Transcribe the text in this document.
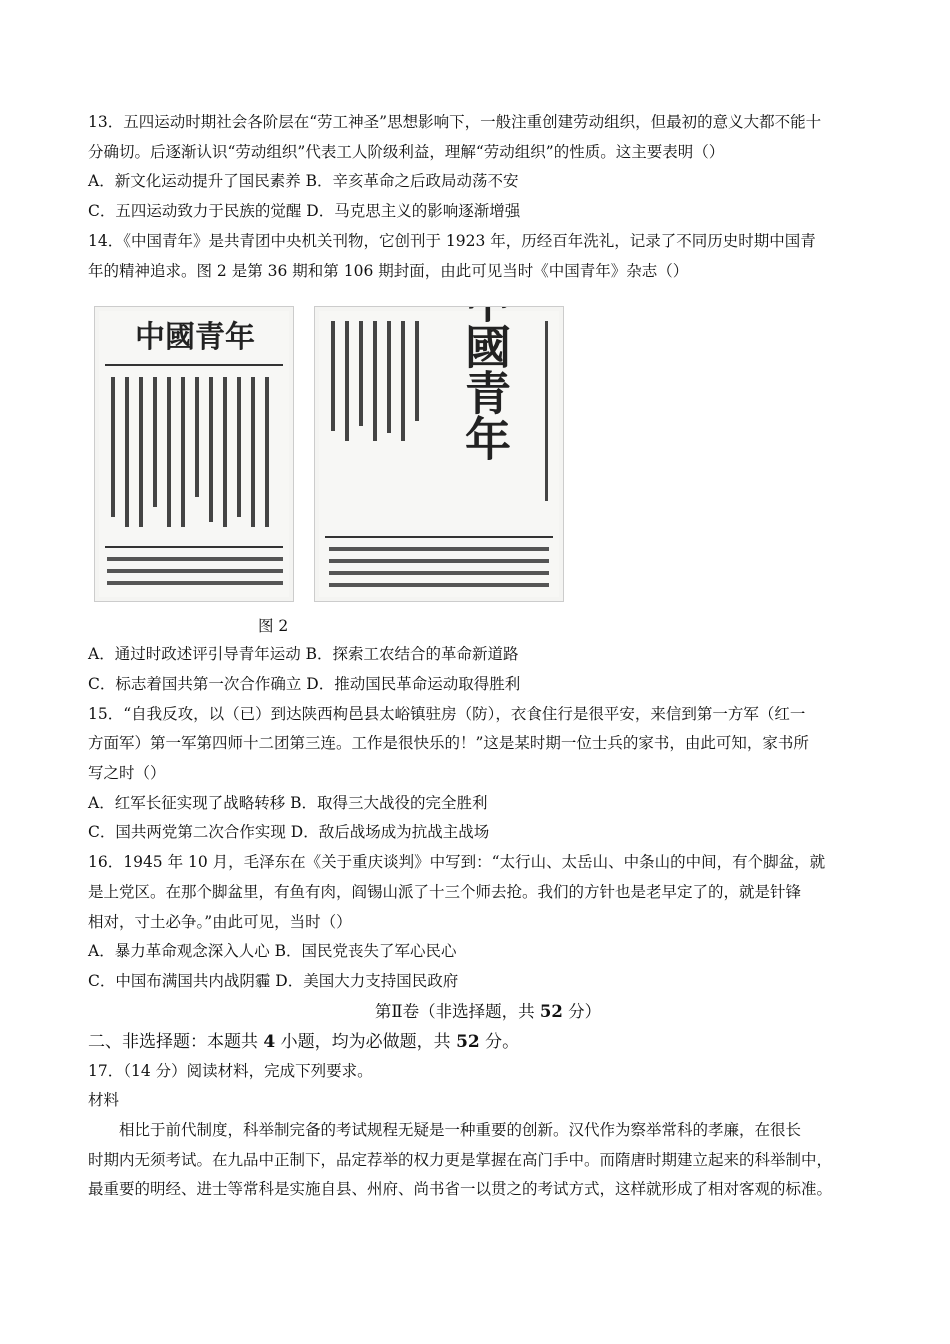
13．五四运动时期社会各阶层在“劳工神圣”思想影响下，一般注重创建劳动组织，但最初的意义大都不能十
分确切。后逐渐认识“劳动组织”代表工人阶级利益，理解“劳动组织”的性质。这主要表明（）
A．新文化运动提升了国民素养 B．辛亥革命之后政局动荡不安
C．五四运动致力于民族的觉醒 D．马克思主义的影响逐渐增强
14．《中国青年》是共青团中央机关刊物，它创刊于 1923 年，历经百年洗礼，记录了不同历史时期中国青
年的精神追求。图 2 是第 36 期和第 106 期封面，由此可见当时《中国青年》杂志（）
中國青年	中國青年
图 2
A．通过时政述评引导青年运动 B．探索工农结合的革命新道路
C．标志着国共第一次合作确立 D．推动国民革命运动取得胜利
15．“自我反攻，以（已）到达陕西枸邑县太峪镇驻房（防），衣食住行是很平安，来信到第一方军（红一
方面军）第一军第四师十二团第三连。工作是很快乐的！”这是某时期一位士兵的家书，由此可知，家书所
写之时（）
A．红军长征实现了战略转移 B．取得三大战役的完全胜利
C．国共两党第二次合作实现 D．敌后战场成为抗战主战场
16．1945 年 10 月，毛泽东在《关于重庆谈判》中写到：“太行山、太岳山、中条山的中间，有个脚盆，就
是上党区。在那个脚盆里，有鱼有肉，阎锡山派了十三个师去抢。我们的方针也是老早定了的，就是针锋
相对，寸土必争。”由此可见，当时（）
A．暴力革命观念深入人心 B．国民党丧失了军心民心
C．中国布满国共内战阴霾 D．美国大力支持国民政府
第Ⅱ卷（非选择题，共 52 分）
二、非选择题：本题共 4 小题，均为必做题，共 52 分。
17．（14 分）阅读材料，完成下列要求。
材料
相比于前代制度，科举制完备的考试规程无疑是一种重要的创新。汉代作为察举常科的孝廉，在很长
时期内无须考试。在九品中正制下，品定荐举的权力更是掌握在高门手中。而隋唐时期建立起来的科举制中，
最重要的明经、进士等常科是实施自县、州府、尚书省一以贯之的考试方式，这样就形成了相对客观的标准。
